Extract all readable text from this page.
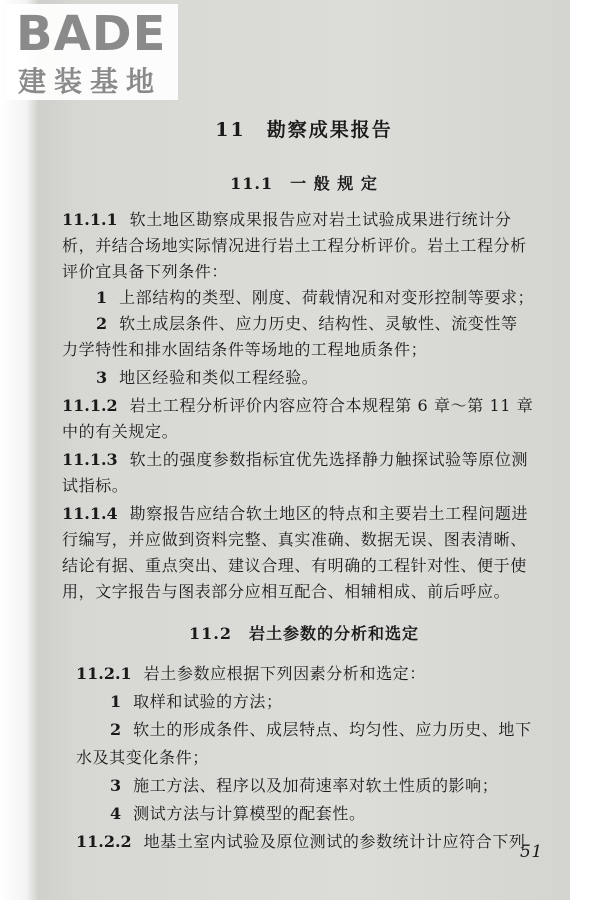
BADE
建装基地
11　勘察成果报告
11.1　一 般 规 定
11.1.1 软土地区勘察成果报告应对岩土试验成果进行统计分
析，并结合场地实际情况进行岩土工程分析评价。岩土工程分析
评价宜具备下列条件：
1 上部结构的类型、刚度、荷载情况和对变形控制等要求；
2 软土成层条件、应力历史、结构性、灵敏性、流变性等
力学特性和排水固结条件等场地的工程地质条件；
3 地区经验和类似工程经验。
11.1.2 岩土工程分析评价内容应符合本规程第 6 章～第 11 章
中的有关规定。
11.1.3 软土的强度参数指标宜优先选择静力触探试验等原位测
试指标。
11.1.4 勘察报告应结合软土地区的特点和主要岩土工程问题进
行编写，并应做到资料完整、真实准确、数据无误、图表清晰、
结论有据、重点突出、建议合理、有明确的工程针对性、便于使
用，文字报告与图表部分应相互配合、相辅相成、前后呼应。
11.2　岩土参数的分析和选定
11.2.1 岩土参数应根据下列因素分析和选定：
1 取样和试验的方法；
2 软土的形成条件、成层特点、均匀性、应力历史、地下
水及其变化条件；
3 施工方法、程序以及加荷速率对软土性质的影响；
4 测试方法与计算模型的配套性。
11.2.2 地基土室内试验及原位测试的参数统计计应符合下列
51
